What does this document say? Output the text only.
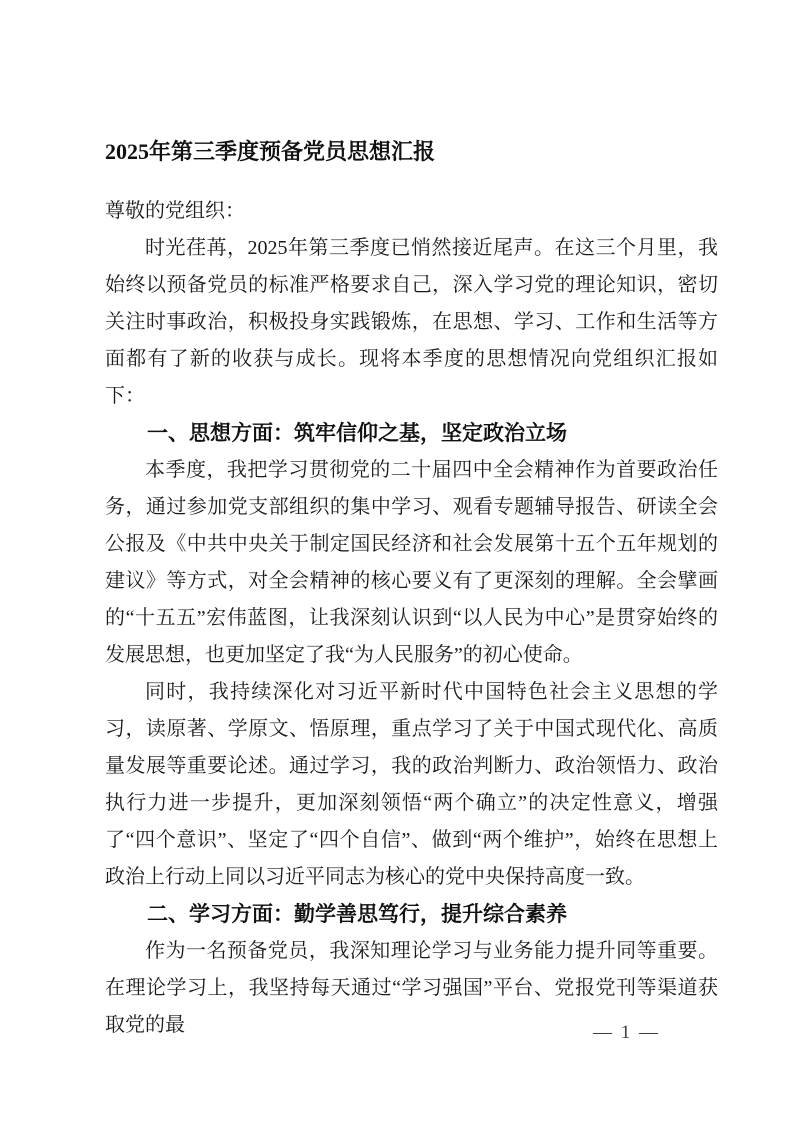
2025年第三季度预备党员思想汇报

尊敬的党组织：

时光荏苒，2025年第三季度已悄然接近尾声。在这三个月里，我始终以预备党员的标准严格要求自己，深入学习党的理论知识，密切关注时事政治，积极投身实践锻炼，在思想、学习、工作和生活等方面都有了新的收获与成长。现将本季度的思想情况向党组织汇报如下：

一、思想方面：筑牢信仰之基，坚定政治立场

本季度，我把学习贯彻党的二十届四中全会精神作为首要政治任务，通过参加党支部组织的集中学习、观看专题辅导报告、研读全会公报及《中共中央关于制定国民经济和社会发展第十五个五年规划的建议》等方式，对全会精神的核心要义有了更深刻的理解。全会擘画的“十五五”宏伟蓝图，让我深刻认识到“以人民为中心”是贯穿始终的发展思想，也更加坚定了我“为人民服务”的初心使命。

同时，我持续深化对习近平新时代中国特色社会主义思想的学习，读原著、学原文、悟原理，重点学习了关于中国式现代化、高质量发展等重要论述。通过学习，我的政治判断力、政治领悟力、政治执行力进一步提升，更加深刻领悟“两个确立”的决定性意义，增强了“四个意识”、坚定了“四个自信”、做到“两个维护”，始终在思想上政治上行动上同以习近平同志为核心的党中央保持高度一致。

二、学习方面：勤学善思笃行，提升综合素养

作为一名预备党员，我深知理论学习与业务能力提升同等重要。在理论学习上，我坚持每天通过“学习强国”平台、党报党刊等渠道获取党的最	— 1 —
